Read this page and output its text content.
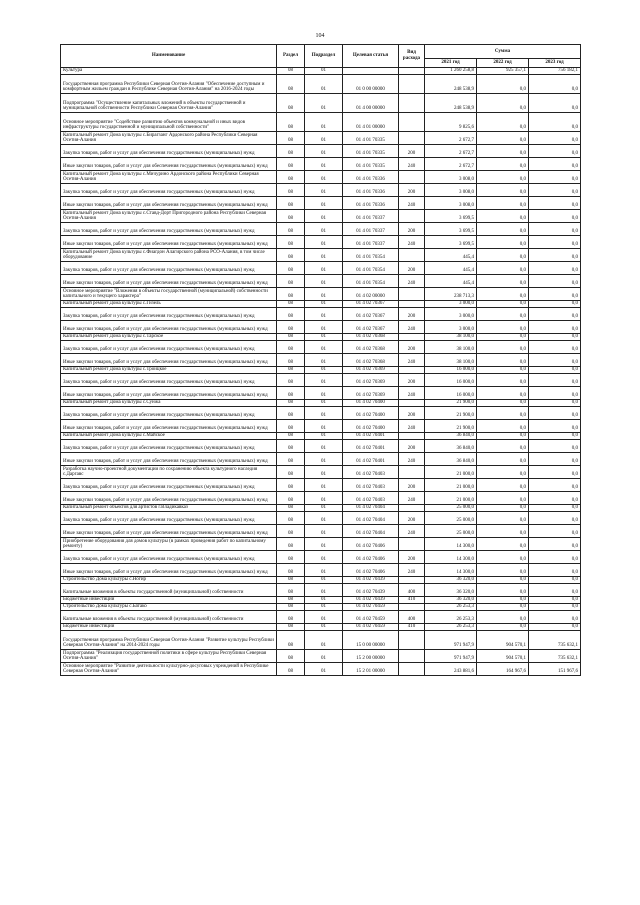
104
Наименование	Раздел	Подраздел	Целевая статья	Вид расхода	Сумма		
					2021 год	2022 год	2023 год
Культура	08	01			1 260 258,8	925 357,1	756 182,1
Государственная программа Республики Северная Осетия-Алания "Обеспечение доступным и комфортным жильем граждан в Республике Северная Осетия-Алания" на 2016-2024 годы	08	01	01 0 00 00000		248 538,9	0,0	0,0
Подпрограмма "Осуществление капитальных вложений в объекты государственной и муниципальной собственности Республики Северная Осетия-Алания"	08	01	01 4 00 00000		248 538,9	0,0	0,0
Основное мероприятие "Содействие развитию объектов коммунальной и иных видов инфраструктуры государственной и муниципальной собственности"	08	01	01 4 01 00000		9 825,6	0,0	0,0
Капитальный ремонт Дома культуры с.Бирагзанг Ардонского района Республики Северная Осетия-Алания	08	01	01 4 01 70335		2 672,7	0,0	0,0
Закупка товаров, работ и услуг для обеспечения государственных (муниципальных) нужд	08	01	01 4 01 70335	200	2 672,7	0,0	0,0
Иные закупки товаров, работ и услуг для обеспечения государственных (муниципальных) нужд	08	01	01 4 01 70335	240	2 672,7	0,0	0,0
Капитальный ремонт Дома культуры с.Мичурино Ардонского района Республики Северная Осетия-Алания	08	01	01 4 01 70336		3 008,0	0,0	0,0
Закупка товаров, работ и услуг для обеспечения государственных (муниципальных) нужд	08	01	01 4 01 70336	200	3 008,0	0,0	0,0
Иные закупки товаров, работ и услуг для обеспечения государственных (муниципальных) нужд	08	01	01 4 01 70336	240	3 008,0	0,0	0,0
Капитальный ремонт Дома культуры с.Ставд-Дорт Пригородного района Республики Северная Осетия-Алания	08	01	01 4 01 70337		3 699,5	0,0	0,0
Закупка товаров, работ и услуг для обеспечения государственных (муниципальных) нужд	08	01	01 4 01 70337	200	3 699,5	0,0	0,0
Иные закупки товаров, работ и услуг для обеспечения государственных (муниципальных) нужд	08	01	01 4 01 70337	240	3 699,5	0,0	0,0
Капитальный ремонт Дома культуры с.Фиагдон Алагирского района РСО-Алания, в том числе оборудование	08	01	01 4 01 70354		445,4	0,0	0,0
Закупка товаров, работ и услуг для обеспечения государственных (муниципальных) нужд	08	01	01 4 01 70354	200	445,4	0,0	0,0
Иные закупки товаров, работ и услуг для обеспечения государственных (муниципальных) нужд	08	01	01 4 01 70354	240	445,4	0,0	0,0
Основное мероприятие "Вложения в объекты государственной (муниципальной) собственности капитального и текущего характера"	08	01	01 4 02 00000		238 713,3	0,0	0,0
Капитальный ремонт Дома культуры с.Гизель	08	01	01 4 02 70367		3 000,0	0,0	0,0
Закупка товаров, работ и услуг для обеспечения государственных (муниципальных) нужд	08	01	01 4 02 70367	200	3 000,0	0,0	0,0
Иные закупки товаров, работ и услуг для обеспечения государственных (муниципальных) нужд	08	01	01 4 02 70367	240	3 000,0	0,0	0,0
Капитальный ремонт Дома культуры с.Тарское	08	01	01 4 02 70368		38 100,0	0,0	0,0
Закупка товаров, работ и услуг для обеспечения государственных (муниципальных) нужд	08	01	01 4 02 70368	200	38 100,0	0,0	0,0
Иные закупки товаров, работ и услуг для обеспечения государственных (муниципальных) нужд	08	01	01 4 02 70368	240	38 100,0	0,0	0,0
Капитальный ремонт Дома культуры с.Троицкое	08	01	01 4 02 70369		16 000,0	0,0	0,0
Закупка товаров, работ и услуг для обеспечения государственных (муниципальных) нужд	08	01	01 4 02 70369	200	16 000,0	0,0	0,0
Иные закупки товаров, работ и услуг для обеспечения государственных (муниципальных) нужд	08	01	01 4 02 70369	240	16 000,0	0,0	0,0
Капитальный ремонт Дома культуры с.Сунжа	08	01	01 4 02 70400		21 900,0	0,0	0,0
Закупка товаров, работ и услуг для обеспечения государственных (муниципальных) нужд	08	01	01 4 02 70400	200	21 900,0	0,0	0,0
Иные закупки товаров, работ и услуг для обеспечения государственных (муниципальных) нужд	08	01	01 4 02 70400	240	21 900,0	0,0	0,0
Капитальный ремонт Дома культуры с.Майское	08	01	01 4 02 70401		36 840,0	0,0	0,0
Закупка товаров, работ и услуг для обеспечения государственных (муниципальных) нужд	08	01	01 4 02 70401	200	36 840,0	0,0	0,0
Иные закупки товаров, работ и услуг для обеспечения государственных (муниципальных) нужд	08	01	01 4 02 70401	240	36 840,0	0,0	0,0
Разработка научно-проектной документации по сохранению объекта культурного наследия с.Даргавс	08	01	01 4 02 70403		21 000,0	0,0	0,0
Закупка товаров, работ и услуг для обеспечения государственных (муниципальных) нужд	08	01	01 4 02 70403	200	21 000,0	0,0	0,0
Иные закупки товаров, работ и услуг для обеспечения государственных (муниципальных) нужд	08	01	01 4 02 70403	240	21 000,0	0,0	0,0
Капитальный ремонт объектов для артистов г.Владикавказ	08	01	01 4 02 70404		25 000,0	0,0	0,0
Закупка товаров, работ и услуг для обеспечения государственных (муниципальных) нужд	08	01	01 4 02 70404	200	25 000,0	0,0	0,0
Иные закупки товаров, работ и услуг для обеспечения государственных (муниципальных) нужд	08	01	01 4 02 70404	240	25 000,0	0,0	0,0
Приобретение оборудования для домов культуры (в рамках проведения работ по капитальному ремонту)	08	01	01 4 02 70406		14 300,0	0,0	0,0
Закупка товаров, работ и услуг для обеспечения государственных (муниципальных) нужд	08	01	01 4 02 70406	200	14 300,0	0,0	0,0
Иные закупки товаров, работ и услуг для обеспечения государственных (муниципальных) нужд	08	01	01 4 02 70406	240	14 300,0	0,0	0,0
Строительство Дома культуры с.Ногир	08	01	01 4 02 70439		36 320,0	0,0	0,0
Капитальные вложения в объекты государственной (муниципальной) собственности	08	01	01 4 02 70439	400	36 320,0	0,0	0,0
Бюджетные инвестиции	08	01	01 4 02 70439	410	36 320,0	0,0	0,0
Строительство Дома культуры с.Батако	08	01	01 4 02 70459		26 253,3	0,0	0,0
Капитальные вложения в объекты государственной (муниципальной) собственности	08	01	01 4 02 70459	400	26 253,3	0,0	0,0
Бюджетные инвестиции	08	01	01 4 02 70459	410	26 253,3	0,0	0,0
Государственная программа Республики Северная Осетия-Алания "Развитие культуры Республики Северная Осетия-Алания" на 2014-2024 годы	08	01	15 0 00 00000		971 947,9	904 570,1	735 632,1
Подпрограмма "Реализация государственной политики в сфере культуры Республики Северная Осетия-Алания"	08	01	15 2 00 00000		971 947,9	904 570,1	735 632,1
Основное мероприятие "Развитие деятельности культурно-досуговых учреждений в Республике Северная Осетия-Алания"	08	01	15 2 01 00000		243 881,6	164 967,6	151 967,6
